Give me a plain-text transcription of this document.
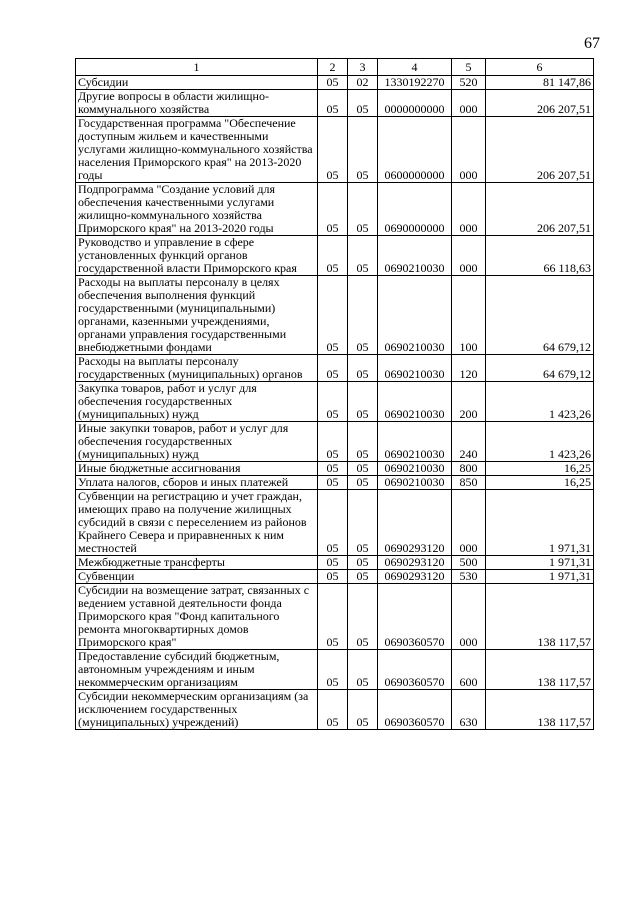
67
1	2	3	4	5	6
Субсидии	05	02	1330192270	520	81 147,86
Другие вопросы в области жилищно-коммунального хозяйства	05	05	0000000000	000	206 207,51
Государственная программа "Обеспечение доступным жильем и качественными услугами жилищно-коммунального хозяйства населения Приморского края" на 2013-2020 годы	05	05	0600000000	000	206 207,51
Подпрограмма "Создание условий для обеспечения качественными услугами жилищно-коммунального хозяйства Приморского края" на 2013-2020 годы	05	05	0690000000	000	206 207,51
Руководство и управление в сфере установленных функций органов государственной власти Приморского края	05	05	0690210030	000	66 118,63
Расходы на выплаты персоналу в целях обеспечения выполнения функций государственными (муниципальными) органами, казенными учреждениями, органами управления государственными внебюджетными фондами	05	05	0690210030	100	64 679,12
Расходы на выплаты персоналу государственных (муниципальных) органов	05	05	0690210030	120	64 679,12
Закупка товаров, работ и услуг для обеспечения государственных (муниципальных) нужд	05	05	0690210030	200	1 423,26
Иные закупки товаров, работ и услуг для обеспечения государственных (муниципальных) нужд	05	05	0690210030	240	1 423,26
Иные бюджетные ассигнования	05	05	0690210030	800	16,25
Уплата налогов, сборов и иных платежей	05	05	0690210030	850	16,25
Субвенции на регистрацию и учет граждан, имеющих право на получение жилищных субсидий в связи с переселением из районов Крайнего Севера и приравненных к ним местностей	05	05	0690293120	000	1 971,31
Межбюджетные трансферты	05	05	0690293120	500	1 971,31
Субвенции	05	05	0690293120	530	1 971,31
Субсидии на возмещение затрат, связанных с ведением уставной деятельности фонда Приморского края "Фонд капитального ремонта многоквартирных домов Приморского края"	05	05	0690360570	000	138 117,57
Предоставление субсидий бюджетным, автономным учреждениям и иным некоммерческим организациям	05	05	0690360570	600	138 117,57
Субсидии некоммерческим организациям (за исключением государственных (муниципальных) учреждений)	05	05	0690360570	630	138 117,57
